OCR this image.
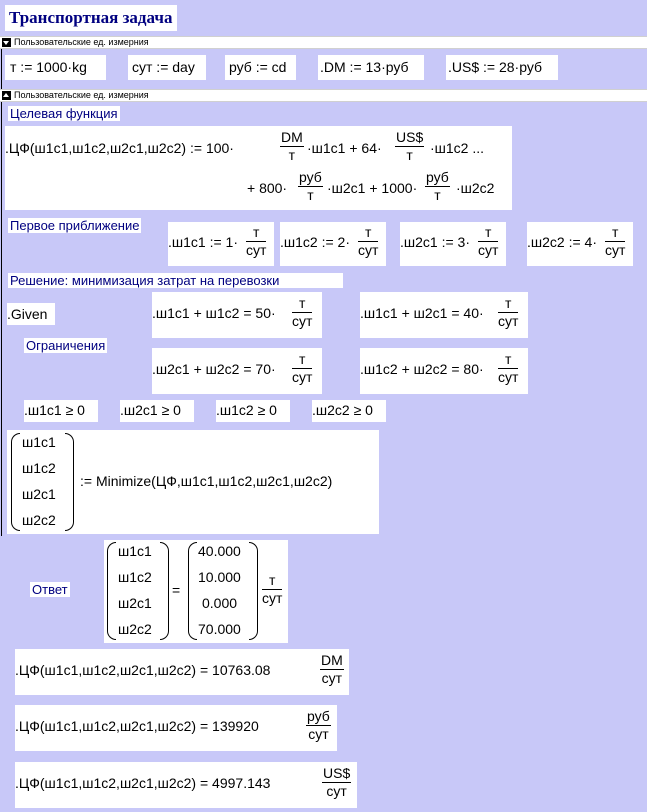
Транспортная задача
Пользовательские ед. измерния
т := 1000·kg	сут := day руб := cd .DM := 13·руб	.US$ := 28·руб
Пользовательские ед. измерния
Целевая функция
.ЦФ(ш1с1,ш1с2,ш2с1,ш2с2) := 100·
DM
т ·ш1с1 + 64·
US$
т	·ш1с2 ...
+ 800·
руб
т ·ш2с1 + 1000·
руб
т	·ш2с2
Первое приближение
.ш1с1 := 1·
т
сут .ш1с2 := 2·
т
сут .ш2с1 := 3·
т
сут .ш2с2 := 4·
т
сут
Решение: минимизация затрат на перевозки
.Given
Ограничения
.ш1с1 + ш1с2 = 50·
т
сут	.ш1с1 + ш2с1 = 40·
т
сут
.ш2с1 + ш2с2 = 70·
т
сут	.ш1с2 + ш2с2 = 80·
т
сут
.ш1с1 ≥ 0	.ш2с1 ≥ 0	.ш1с2 ≥ 0	.ш2с2 ≥ 0
ш1с1
ш1с2
ш2с1
ш2с2
:= Minimize(ЦФ,ш1с1,ш1с2,ш2с1,ш2с2)
Ответ
ш1с1
ш1с2
ш2с1
ш2с2
=
40.000
10.000
0.000
70.000
т
сут
.ЦФ(ш1с1,ш1с2,ш2с1,ш2с2) = 10763.08
DM
сут
.ЦФ(ш1с1,ш1с2,ш2с1,ш2с2) = 139920
руб
сут
.ЦФ(ш1с1,ш1с2,ш2с1,ш2с2) = 4997.143
US$
сут
